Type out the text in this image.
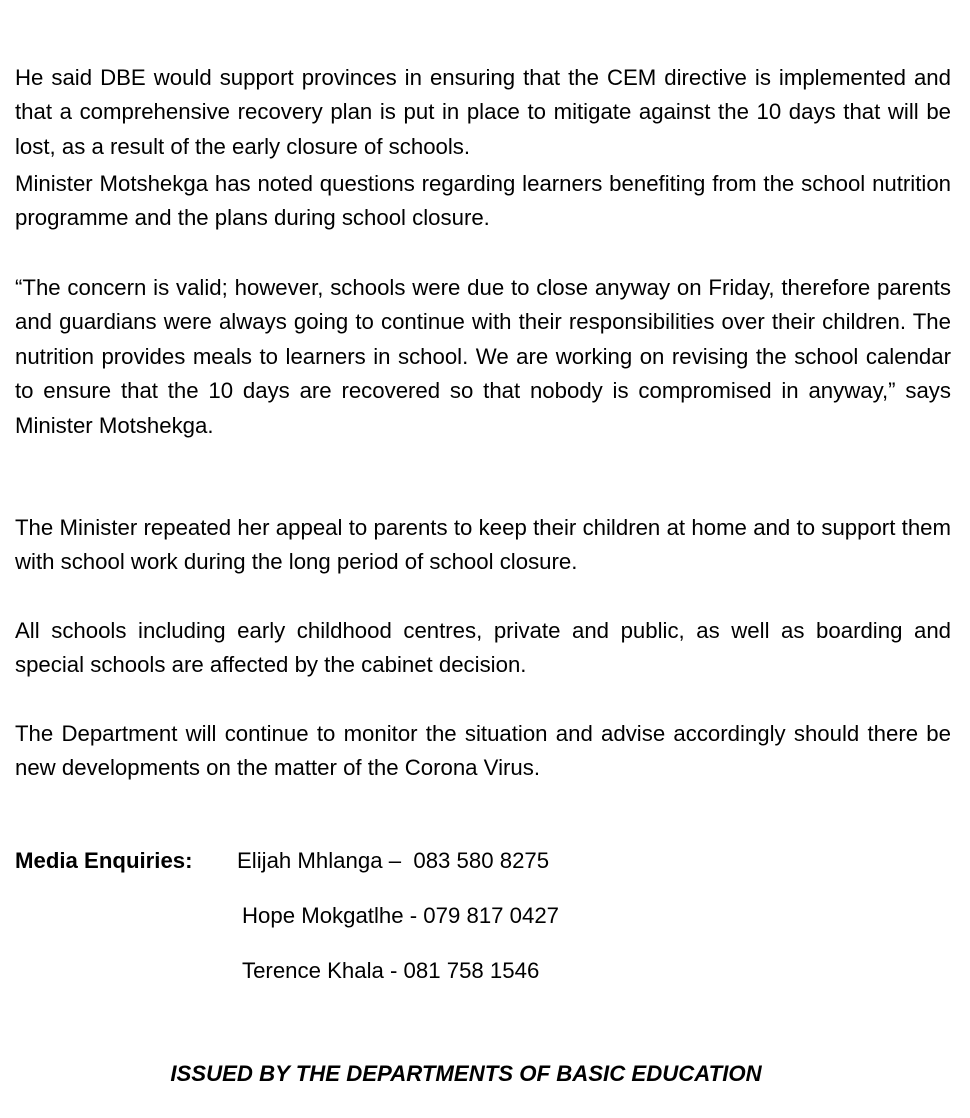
He said DBE would support provinces in ensuring that the CEM directive is implemented and that a comprehensive recovery plan is put in place to mitigate against the 10 days that will be lost, as a result of the early closure of schools.

Minister Motshekga has noted questions regarding learners benefiting from the school nutrition programme and the plans during school closure.

“The concern is valid; however, schools were due to close anyway on Friday, therefore parents and guardians were always going to continue with their responsibilities over their children. The nutrition provides meals to learners in school. We are working on revising the school calendar to ensure that the 10 days are recovered so that nobody is compromised in anyway,” says Minister Motshekga.

The Minister repeated her appeal to parents to keep their children at home and to support them with school work during the long period of school closure.

All schools including early childhood centres, private and public, as well as boarding and special schools are affected by the cabinet decision.

The Department will continue to monitor the situation and advise accordingly should there be new developments on the matter of the Corona Virus.

Media Enquiries: Elijah Mhlanga –  083 580 8275
Hope Mokgatlhe - 079 817 0427
Terence Khala - 081 758 1546
ISSUED BY THE DEPARTMENTS OF BASIC EDUCATION
